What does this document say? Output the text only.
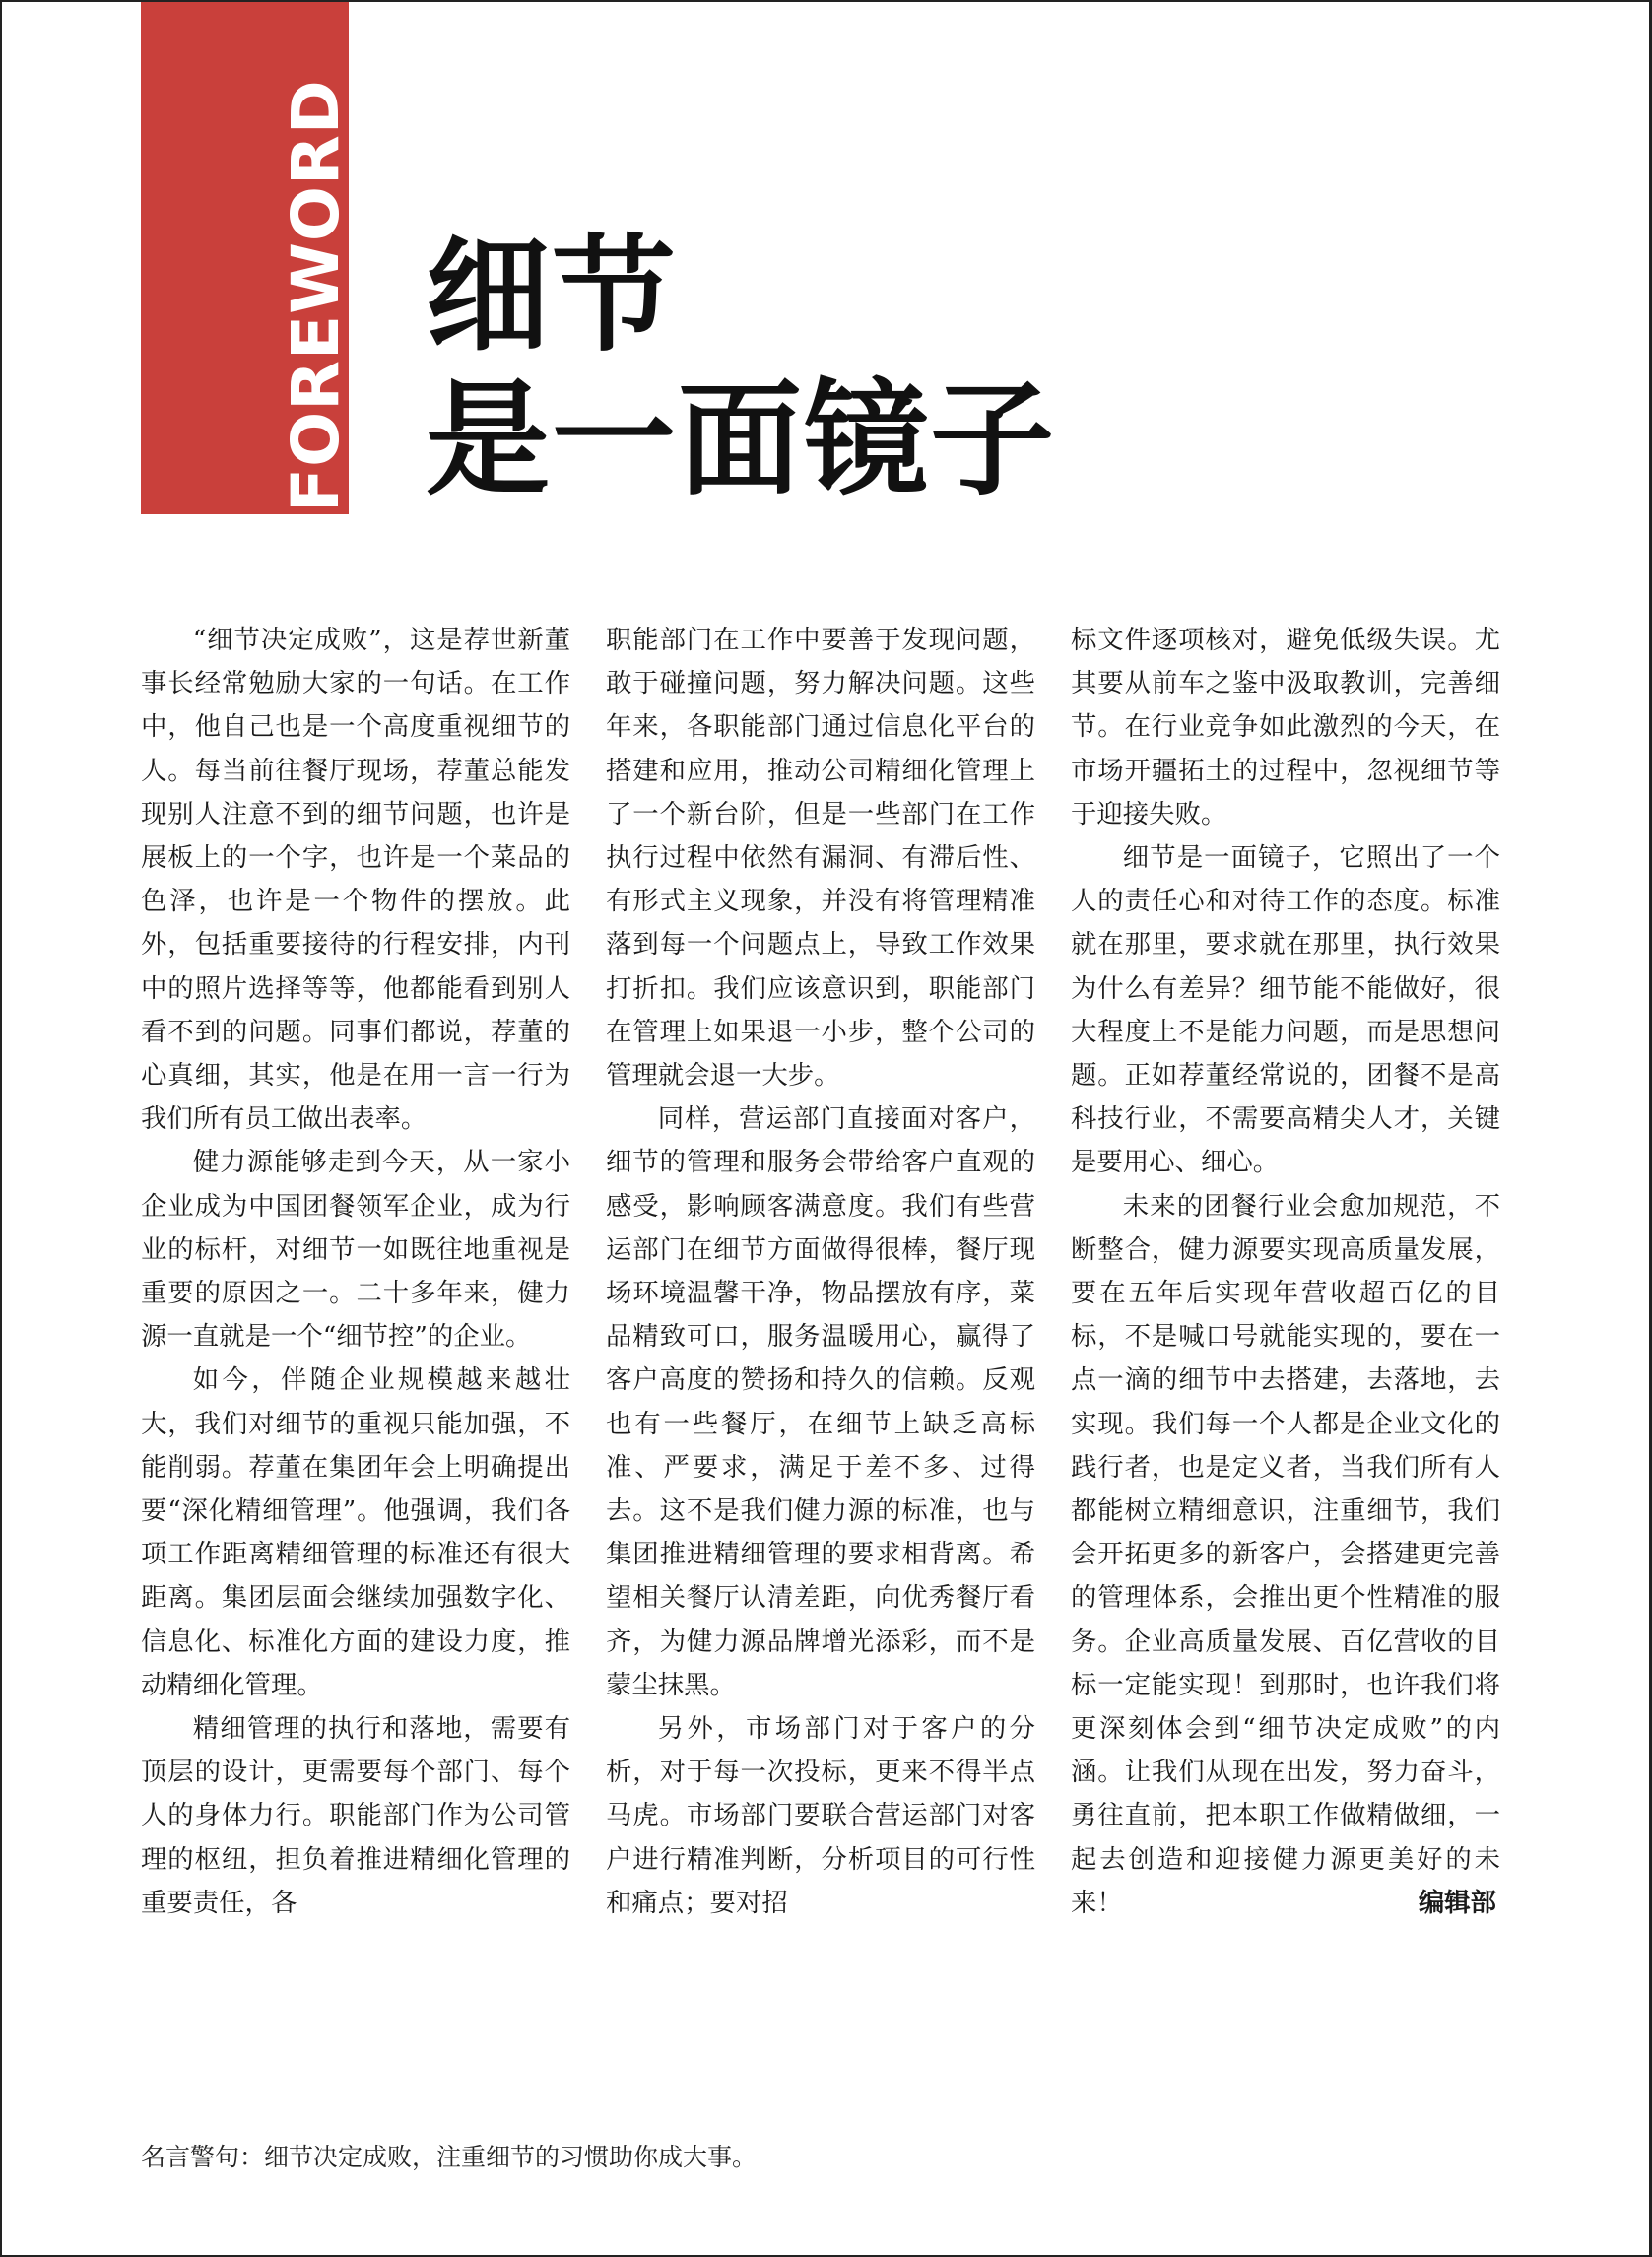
FOREWORD 卷
首
语
细节
是一面镜子

“细节决定成败”，这是荐世新董事长经常勉励大家的一句话。在工作中，他自己也是一个高度重视细节的人。每当前往餐厅现场，荐董总能发现别人注意不到的细节问题，也许是展板上的一个字，也许是一个菜品的色泽，也许是一个物件的摆放。此外，包括重要接待的行程安排，内刊中的照片选择等等，他都能看到别人看不到的问题。同事们都说，荐董的心真细，其实，他是在用一言一行为我们所有员工做出表率。

健力源能够走到今天，从一家小企业成为中国团餐领军企业，成为行业的标杆，对细节一如既往地重视是重要的原因之一。二十多年来，健力源一直就是一个“细节控”的企业。

如今，伴随企业规模越来越壮大，我们对细节的重视只能加强，不能削弱。荐董在集团年会上明确提出要“深化精细管理”。他强调，我们各项工作距离精细管理的标准还有很大距离。集团层面会继续加强数字化、信息化、标准化方面的建设力度，推动精细化管理。

精细管理的执行和落地，需要有顶层的设计，更需要每个部门、每个人的身体力行。职能部门作为公司管理的枢纽，担负着推进精细化管理的重要责任，各

职能部门在工作中要善于发现问题，敢于碰撞问题，努力解决问题。这些年来，各职能部门通过信息化平台的搭建和应用，推动公司精细化管理上了一个新台阶，但是一些部门在工作执行过程中依然有漏洞、有滞后性、有形式主义现象，并没有将管理精准落到每一个问题点上，导致工作效果打折扣。我们应该意识到，职能部门在管理上如果退一小步，整个公司的管理就会退一大步。

同样，营运部门直接面对客户，细节的管理和服务会带给客户直观的感受，影响顾客满意度。我们有些营运部门在细节方面做得很棒，餐厅现场环境温馨干净，物品摆放有序，菜品精致可口，服务温暖用心，赢得了客户高度的赞扬和持久的信赖。反观也有一些餐厅，在细节上缺乏高标准、严要求，满足于差不多、过得去。这不是我们健力源的标准，也与集团推进精细管理的要求相背离。希望相关餐厅认清差距，向优秀餐厅看齐，为健力源品牌增光添彩，而不是蒙尘抹黑。

另外，市场部门对于客户的分析，对于每一次投标，更来不得半点马虎。市场部门要联合营运部门对客户进行精准判断，分析项目的可行性和痛点；要对招

标文件逐项核对，避免低级失误。尤其要从前车之鉴中汲取教训，完善细节。在行业竞争如此激烈的今天，在市场开疆拓土的过程中，忽视细节等于迎接失败。

细节是一面镜子，它照出了一个人的责任心和对待工作的态度。标准就在那里，要求就在那里，执行效果为什么有差异？细节能不能做好，很大程度上不是能力问题，而是思想问题。正如荐董经常说的，团餐不是高科技行业，不需要高精尖人才，关键是要用心、细心。

未来的团餐行业会愈加规范，不断整合，健力源要实现高质量发展，要在五年后实现年营收超百亿的目标，不是喊口号就能实现的，要在一点一滴的细节中去搭建，去落地，去实现。我们每一个人都是企业文化的践行者，也是定义者，当我们所有人都能树立精细意识，注重细节，我们会开拓更多的新客户，会搭建更完善的管理体系，会推出更个性精准的服务。企业高质量发展、百亿营收的目标一定能实现！到那时，也许我们将更深刻体会到“细节决定成败”的内涵。让我们从现在出发，努力奋斗，勇往直前，把本职工作做精做细，一起去创造和迎接健力源更美好的未来！	编辑部
名言警句：细节决定成败，注重细节的习惯助你成大事。
